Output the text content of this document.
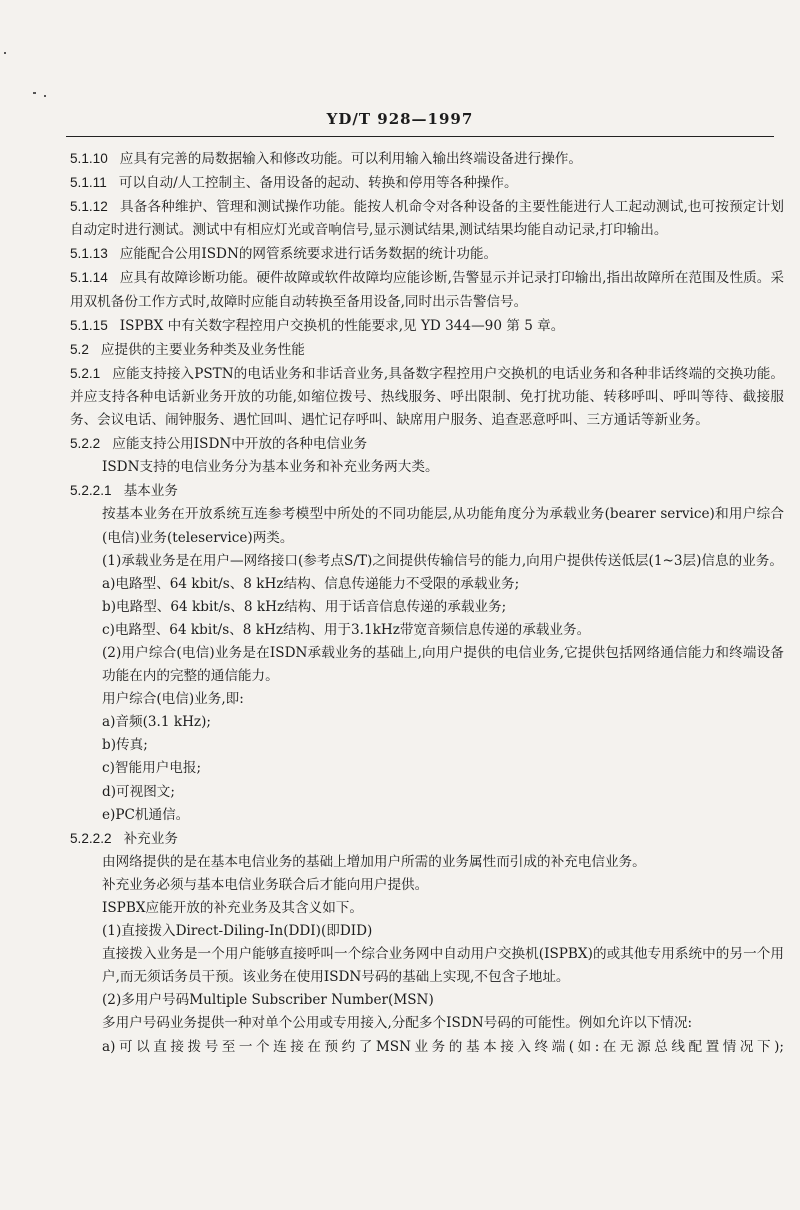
YD/T 928—1997

5.1.10 应具有完善的局数据输入和修改功能。可以利用输入输出终端设备进行操作。

5.1.11 可以自动/人工控制主、备用设备的起动、转换和停用等各种操作。

5.1.12 具备各种维护、管理和测试操作功能。能按人机命令对各种设备的主要性能进行人工起动测试,也可按预定计划自动定时进行测试。测试中有相应灯光或音响信号,显示测试结果,测试结果均能自动记录,打印输出。

5.1.13 应能配合公用ISDN的网管系统要求进行话务数据的统计功能。

5.1.14 应具有故障诊断功能。硬件故障或软件故障均应能诊断,告警显示并记录打印输出,指出故障所在范围及性质。采用双机备份工作方式时,故障时应能自动转换至备用设备,同时出示告警信号。

5.1.15 ISPBX 中有关数字程控用户交换机的性能要求,见 YD 344—90 第 5 章。

5.2 应提供的主要业务种类及业务性能

5.2.1 应能支持接入PSTN的电话业务和非话音业务,具备数字程控用户交换机的电话业务和各种非话终端的交换功能。并应支持各种电话新业务开放的功能,如缩位拨号、热线服务、呼出限制、免打扰功能、转移呼叫、呼叫等待、截接服务、会议电话、闹钟服务、遇忙回叫、遇忙记存呼叫、缺席用户服务、追查恶意呼叫、三方通话等新业务。

5.2.2 应能支持公用ISDN中开放的各种电信业务

ISDN支持的电信业务分为基本业务和补充业务两大类。

5.2.2.1 基本业务

按基本业务在开放系统互连参考模型中所处的不同功能层,从功能角度分为承载业务(bearer service)和用户综合(电信)业务(teleservice)两类。

(1)承载业务是在用户—网络接口(参考点S/T)之间提供传输信号的能力,向用户提供传送低层(1~3层)信息的业务。

a)电路型、64 kbit/s、8 kHz结构、信息传递能力不受限的承载业务;

b)电路型、64 kbit/s、8 kHz结构、用于话音信息传递的承载业务;

c)电路型、64 kbit/s、8 kHz结构、用于3.1kHz带宽音频信息传递的承载业务。

(2)用户综合(电信)业务是在ISDN承载业务的基础上,向用户提供的电信业务,它提供包括网络通信能力和终端设备功能在内的完整的通信能力。

用户综合(电信)业务,即:

a)音频(3.1 kHz);

b)传真;

c)智能用户电报;

d)可视图文;

e)PC机通信。

5.2.2.2 补充业务

由网络提供的是在基本电信业务的基础上增加用户所需的业务属性而引成的补充电信业务。

补充业务必须与基本电信业务联合后才能向用户提供。

ISPBX应能开放的补充业务及其含义如下。

(1)直接拨入Direct-Diling-In(DDI)(即DID)

直接拨入业务是一个用户能够直接呼叫一个综合业务网中自动用户交换机(ISPBX)的或其他专用系统中的另一个用户,而无须话务员干预。该业务在使用ISDN号码的基础上实现,不包含子地址。

(2)多用户号码Multiple Subscriber Number(MSN)

多用户号码业务提供一种对单个公用或专用接入,分配多个ISDN号码的可能性。例如允许以下情况:

a)可以直接拨号至一个连接在预约了MSN业务的基本接入终端(如:在无源总线配置情况下);
